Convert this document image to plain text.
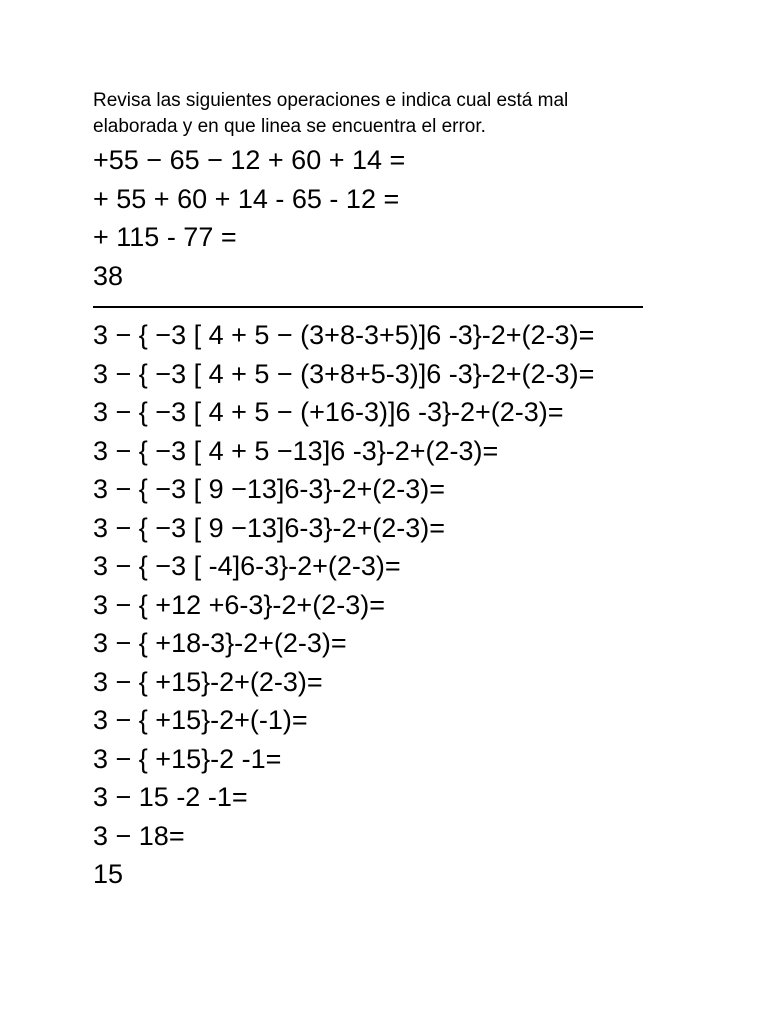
Revisa las siguientes operaciones e indica cual está mal
elaborada y en que linea se encuentra el error.
+55 − 65 − 12 + 60 + 14 =
+ 55 + 60 + 14 - 65 - 12 =
+ 115 - 77 =
38
3 − { −3 [ 4 + 5 − (3+8-3+5)]6 -3}-2+(2-3)=
3 − { −3 [ 4 + 5 − (3+8+5-3)]6 -3}-2+(2-3)=
3 − { −3 [ 4 + 5 − (+16-3)]6 -3}-2+(2-3)=
3 − { −3 [ 4 + 5 −13]6 -3}-2+(2-3)=
3 − { −3 [ 9 −13]6-3}-2+(2-3)=
3 − { −3 [ 9 −13]6-3}-2+(2-3)=
3 − { −3 [ -4]6-3}-2+(2-3)=
3 − { +12 +6-3}-2+(2-3)=
3 − { +18-3}-2+(2-3)=
3 − { +15}-2+(2-3)=
3 − { +15}-2+(-1)=
3 − { +15}-2 -1=
3 − 15 -2 -1=
3 − 18=
15
